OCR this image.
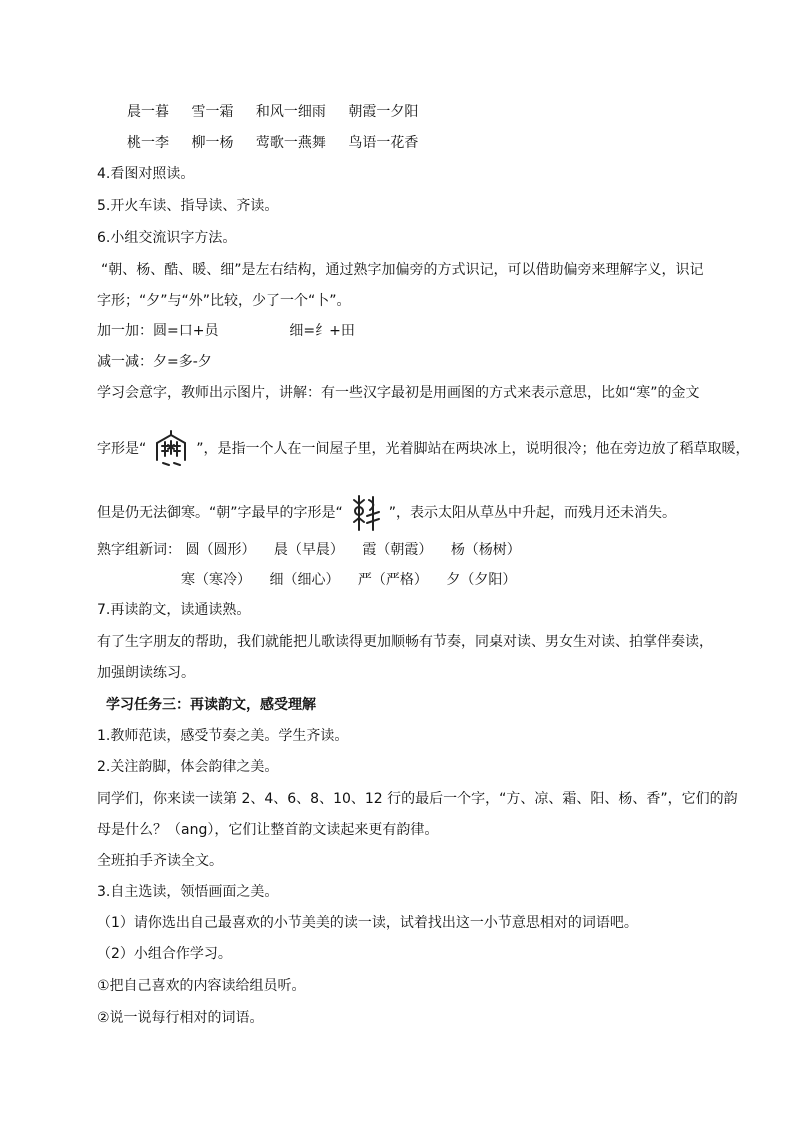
晨一暮 雪一霜 和风一细雨 朝霞一夕阳
桃一李 柳一杨 莺歌一燕舞 鸟语一花香
4.看图对照读。
5.开火车读、指导读、齐读。
6.小组交流识字方法。
“朝、杨、酷、暖、细”是左右结构，通过熟字加偏旁的方式识记，可以借助偏旁来理解字义，识记
字形；“夕”与“外”比较，少了一个“卜”。
加一加：圆=口+员	细=纟+田
减一减：夕=多-夕
学习会意字，教师出示图片，讲解：有一些汉字最初是用画图的方式来表示意思，比如“寒”的金文
字形是“	”，是指一个人在一间屋子里，光着脚站在两块冰上，说明很冷；他在旁边放了稻草取暖，
但是仍无法御寒。“朝”字最早的字形是“	”，表示太阳从草丛中升起，而残月还未消失。
熟字组新词： 圆（圆形） 晨（早晨） 霞（朝霞） 杨（杨树）
寒（寒冷） 细（细心） 严（严格） 夕（夕阳）
7.再读韵文，读通读熟。
有了生字朋友的帮助，我们就能把儿歌读得更加顺畅有节奏，同桌对读、男女生对读、拍掌伴奏读，
加强朗读练习。
学习任务三：再读韵文，感受理解
1.教师范读，感受节奏之美。学生齐读。
2.关注韵脚，体会韵律之美。
同学们，你来读一读第 2、4、6、8、10、12 行的最后一个字，“方、凉、霜、阳、杨、香”，它们的韵
母是什么？（ang），它们让整首韵文读起来更有韵律。
全班拍手齐读全文。
3.自主选读，领悟画面之美。
（1）请你选出自己最喜欢的小节美美的读一读，试着找出这一小节意思相对的词语吧。
（2）小组合作学习。
①把自己喜欢的内容读给组员听。
②说一说每行相对的词语。
